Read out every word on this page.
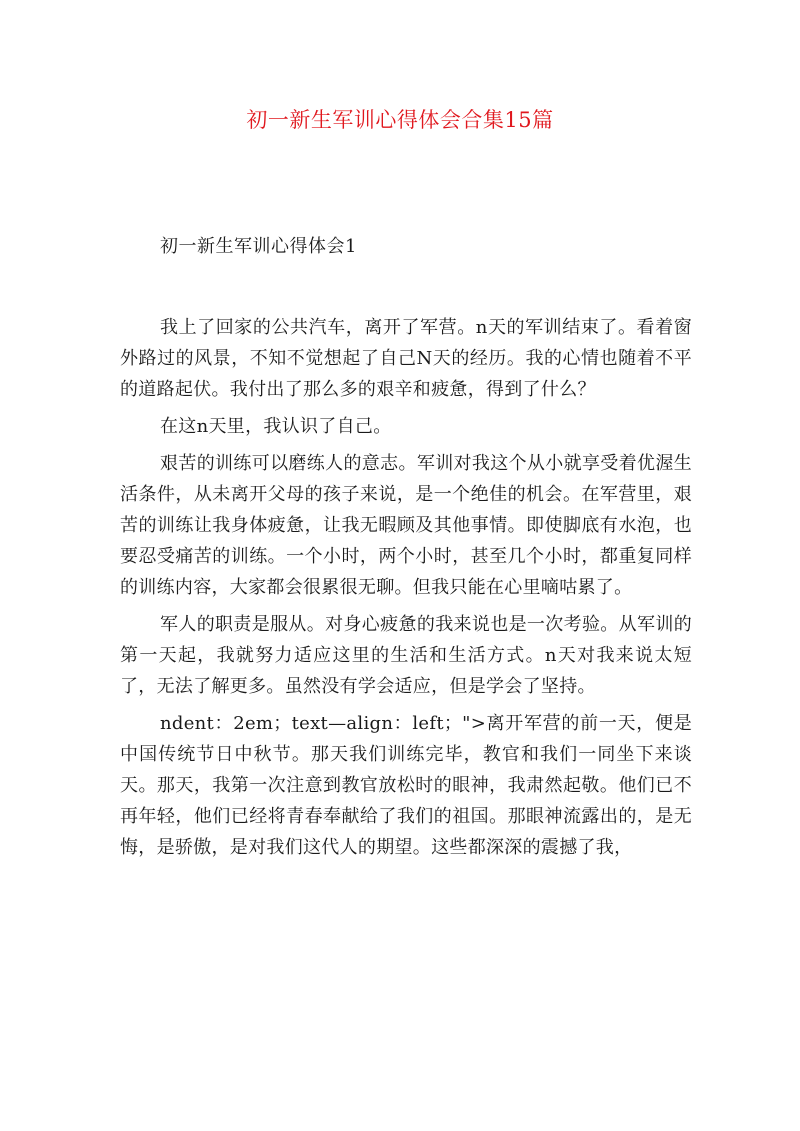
初一新生军训心得体会合集15篇
初一新生军训心得体会1

我上了回家的公共汽车，离开了军营。n天的军训结束了。看着窗外路过的风景，不知不觉想起了自己N天的经历。我的心情也随着不平的道路起伏。我付出了那么多的艰辛和疲惫，得到了什么？

在这n天里，我认识了自己。

艰苦的训练可以磨练人的意志。军训对我这个从小就享受着优渥生活条件，从未离开父母的孩子来说，是一个绝佳的机会。在军营里，艰苦的训练让我身体疲惫，让我无暇顾及其他事情。即使脚底有水泡，也要忍受痛苦的训练。一个小时，两个小时，甚至几个小时，都重复同样的训练内容，大家都会很累很无聊。但我只能在心里嘀咕累了。

军人的职责是服从。对身心疲惫的我来说也是一次考验。从军训的第一天起，我就努力适应这里的生活和生活方式。n天对我来说太短了，无法了解更多。虽然没有学会适应，但是学会了坚持。

ndent：2em；text—align：left；">离开军营的前一天，便是中国传统节日中秋节。那天我们训练完毕，教官和我们一同坐下来谈天。那天，我第一次注意到教官放松时的眼神，我肃然起敬。他们已不再年轻，他们已经将青春奉献给了我们的祖国。那眼神流露出的，是无悔，是骄傲，是对我们这代人的期望。这些都深深的震撼了我，
